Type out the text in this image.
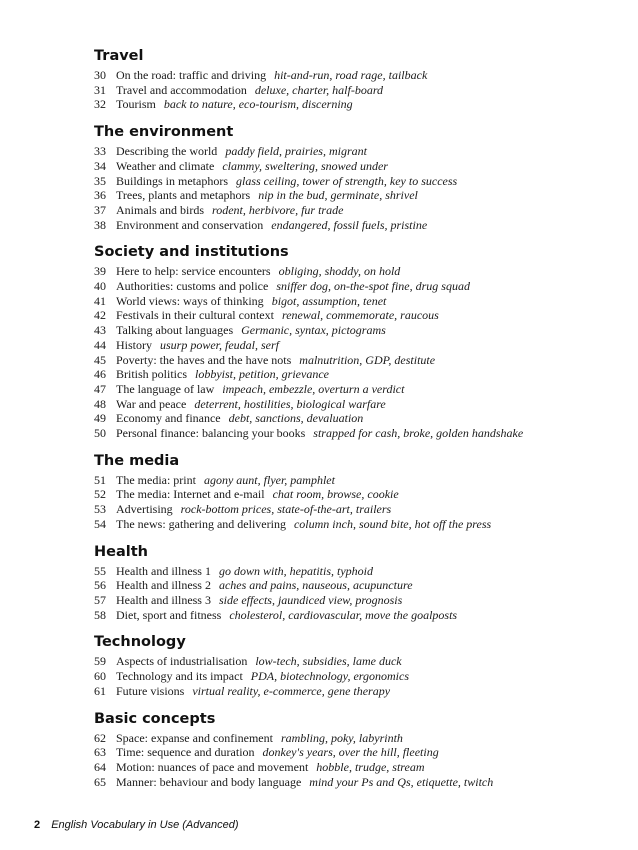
Travel
30 On the road: traffic and driving hit-and-run, road rage, tailback
31 Travel and accommodation deluxe, charter, half-board
32 Tourism back to nature, eco-tourism, discerning
The environment
33 Describing the world paddy field, prairies, migrant
34 Weather and climate clammy, sweltering, snowed under
35 Buildings in metaphors glass ceiling, tower of strength, key to success
36 Trees, plants and metaphors nip in the bud, germinate, shrivel
37 Animals and birds rodent, herbivore, fur trade
38 Environment and conservation endangered, fossil fuels, pristine
Society and institutions
39 Here to help: service encounters obliging, shoddy, on hold
40 Authorities: customs and police sniffer dog, on-the-spot fine, drug squad
41 World views: ways of thinking bigot, assumption, tenet
42 Festivals in their cultural context renewal, commemorate, raucous
43 Talking about languages Germanic, syntax, pictograms
44 History usurp power, feudal, serf
45 Poverty: the haves and the have nots malnutrition, GDP, destitute
46 British politics lobbyist, petition, grievance
47 The language of law impeach, embezzle, overturn a verdict
48 War and peace deterrent, hostilities, biological warfare
49 Economy and finance debt, sanctions, devaluation
50 Personal finance: balancing your books strapped for cash, broke, golden handshake
The media
51 The media: print agony aunt, flyer, pamphlet
52 The media: Internet and e-mail chat room, browse, cookie
53 Advertising rock-bottom prices, state-of-the-art, trailers
54 The news: gathering and delivering column inch, sound bite, hot off the press
Health
55 Health and illness 1 go down with, hepatitis, typhoid
56 Health and illness 2 aches and pains, nauseous, acupuncture
57 Health and illness 3 side effects, jaundiced view, prognosis
58 Diet, sport and fitness cholesterol, cardiovascular, move the goalposts
Technology
59 Aspects of industrialisation low-tech, subsidies, lame duck
60 Technology and its impact PDA, biotechnology, ergonomics
61 Future visions virtual reality, e-commerce, gene therapy
Basic concepts
62 Space: expanse and confinement rambling, poky, labyrinth
63 Time: sequence and duration donkey's years, over the hill, fleeting
64 Motion: nuances of pace and movement hobble, trudge, stream
65 Manner: behaviour and body language mind your Ps and Qs, etiquette, twitch
2 English Vocabulary in Use (Advanced)
